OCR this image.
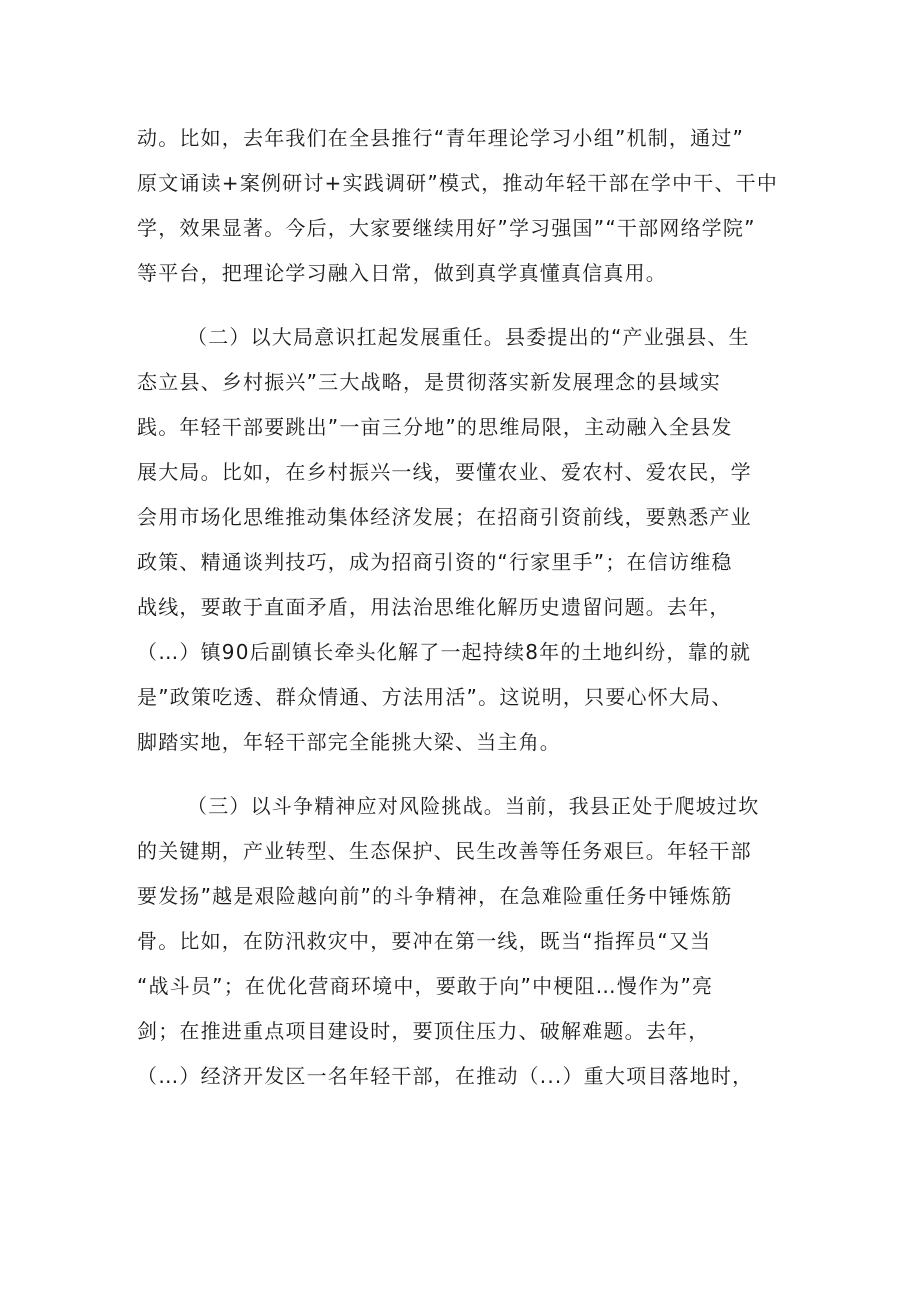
动。比如，去年我们在全县推行“青年理论学习小组”机制，通过”
原文诵读+案例研讨+实践调研”模式，推动年轻干部在学中干、干中
学，效果显著。今后，大家要继续用好”学习强国”“干部网络学院”
等平台，把理论学习融入日常，做到真学真懂真信真用。
（二）以大局意识扛起发展重任。县委提出的“产业强县、生
态立县、乡村振兴”三大战略，是贯彻落实新发展理念的县域实
践。年轻干部要跳出”一亩三分地”的思维局限，主动融入全县发
展大局。比如，在乡村振兴一线，要懂农业、爱农村、爱农民，学
会用市场化思维推动集体经济发展；在招商引资前线，要熟悉产业
政策、精通谈判技巧，成为招商引资的“行家里手”；在信访维稳
战线，要敢于直面矛盾，用法治思维化解历史遗留问题。去年，
（…）镇90后副镇长牵头化解了一起持续8年的土地纠纷，靠的就
是”政策吃透、群众情通、方法用活”。这说明，只要心怀大局、
脚踏实地，年轻干部完全能挑大梁、当主角。
（三）以斗争精神应对风险挑战。当前，我县正处于爬坡过坎
的关键期，产业转型、生态保护、民生改善等任务艰巨。年轻干部
要发扬”越是艰险越向前”的斗争精神，在急难险重任务中锤炼筋
骨。比如，在防汛救灾中，要冲在第一线，既当“指挥员“又当
“战斗员”；在优化营商环境中，要敢于向”中梗阻…慢作为”亮
剑；在推进重点项目建设时，要顶住压力、破解难题。去年，
（…）经济开发区一名年轻干部，在推动（...）重大项目落地时，
